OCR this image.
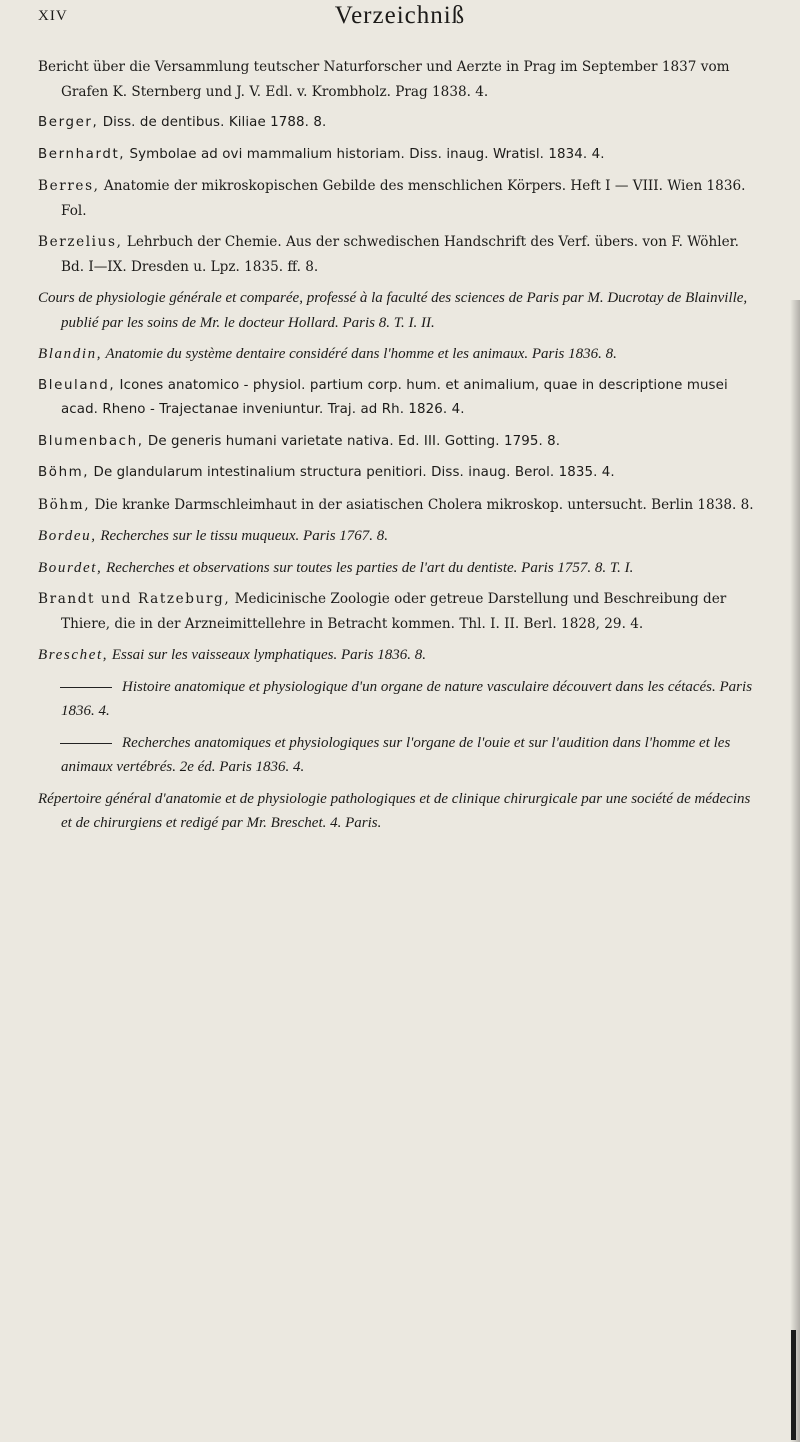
XIV	Verzeichniß

Bericht über die Versammlung teutscher Naturforscher und Aerzte in Prag im September 1837 vom Grafen K. Sternberg und J. V. Edl. v. Krombholz. Prag 1838. 4.

Berger, Diss. de dentibus. Kiliae 1788. 8.

Bernhardt, Symbolae ad ovi mammalium historiam. Diss. inaug. Wratisl. 1834. 4.

Berres, Anatomie der mikroskopischen Gebilde des menschlichen Körpers. Heft I — VIII. Wien 1836. Fol.

Berzelius, Lehrbuch der Chemie. Aus der schwedischen Handschrift des Verf. übers. von F. Wöhler. Bd. I—IX. Dresden u. Lpz. 1835. ff. 8.

Cours de physiologie générale et comparée, professé à la faculté des sciences de Paris par M. Ducrotay de Blainville, publié par les soins de Mr. le docteur Hollard. Paris 8. T. I. II.

Blandin, Anatomie du système dentaire considéré dans l'homme et les animaux. Paris 1836. 8.

Bleuland, Icones anatomico - physiol. partium corp. hum. et animalium, quae in descriptione musei acad. Rheno - Trajectanae inveniuntur. Traj. ad Rh. 1826. 4.

Blumenbach, De generis humani varietate nativa. Ed. III. Gotting. 1795. 8.

Böhm, De glandularum intestinalium structura penitiori. Diss. inaug. Berol. 1835. 4.

Böhm, Die kranke Darmschleimhaut in der asiatischen Cholera mikroskop. untersucht. Berlin 1838. 8.

Bordeu, Recherches sur le tissu muqueux. Paris 1767. 8.

Bourdet, Recherches et observations sur toutes les parties de l'art du dentiste. Paris 1757. 8. T. I.

Brandt und Ratzeburg, Medicinische Zoologie oder getreue Darstellung und Beschreibung der Thiere, die in der Arzneimittellehre in Betracht kommen. Thl. I. II. Berl. 1828, 29. 4.

Breschet, Essai sur les vaisseaux lymphatiques. Paris 1836. 8.

Histoire anatomique et physiologique d'un organe de nature vasculaire découvert dans les cétacés. Paris 1836. 4.

Recherches anatomiques et physiologiques sur l'organe de l'ouie et sur l'audition dans l'homme et les animaux vertébrés. 2e éd. Paris 1836. 4.

Répertoire général d'anatomie et de physiologie pathologiques et de clinique chirurgicale par une société de médecins et de chirurgiens et redigé par Mr. Breschet. 4. Paris.
